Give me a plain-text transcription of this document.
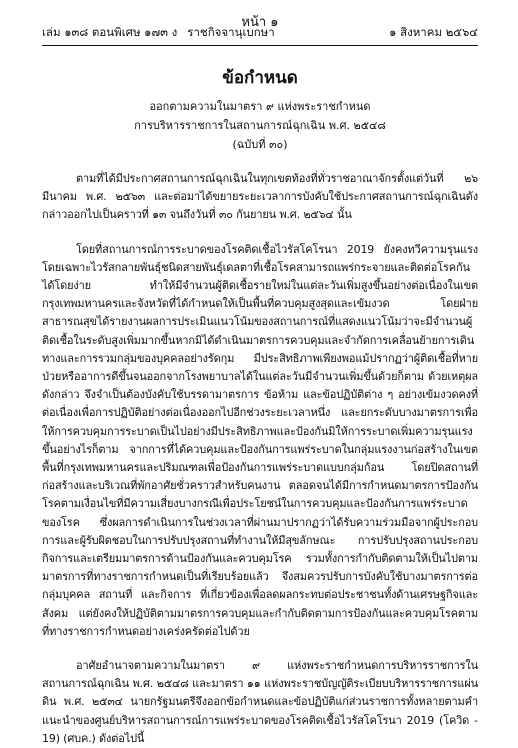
หน้า ๑
เล่ม ๑๓๘ ตอนพิเศษ ๑๗๓ ง ราชกิจจานุเบกษา	๑ สิงหาคม ๒๕๖๔
ข้อกำหนด
ออกตามความในมาตรา ๙ แห่งพระราชกำหนด
การบริหารราชการในสถานการณ์ฉุกเฉิน พ.ศ. ๒๕๔๘
(ฉบับที่ ๓๐)

ตามที่ได้มีประกาศสถานการณ์ฉุกเฉินในทุกเขตท้องที่ทั่วราชอาณาจักรตั้งแต่วันที่ ๒๖ มีนาคม พ.ศ. ๒๕๖๓ และต่อมาได้ขยายระยะเวลาการบังคับใช้ประกาศสถานการณ์ฉุกเฉินดังกล่าวออกไปเป็นคราวที่ ๑๓ จนถึงวันที่ ๓๐ กันยายน พ.ศ. ๒๕๖๔ นั้น

โดยที่สถานการณ์การระบาดของโรคติดเชื้อไวรัสโคโรนา 2019 ยังคงทวีความรุนแรง โดยเฉพาะไวรัสกลายพันธุ์ชนิดสายพันธุ์เดลตาที่เชื้อโรคสามารถแพร่กระจายและติดต่อโรคกันได้โดยง่าย ทำให้มีจำนวนผู้ติดเชื้อรายใหม่ในแต่ละวันเพิ่มสูงขึ้นอย่างต่อเนื่องในเขตกรุงเทพมหานครและจังหวัดที่ได้กำหนดให้เป็นพื้นที่ควบคุมสูงสุดและเข้มงวด โดยฝ่ายสาธารณสุขได้รายงานผลการประเมินแนวโน้มของสถานการณ์ที่แสดงแนวโน้มว่าจะมีจำนวนผู้ติดเชื้อในระดับสูงเพิ่มมากขึ้นหากมิได้ดำเนินมาตรการควบคุมและจำกัดการเคลื่อนย้ายการเดินทางและการรวมกลุ่มของบุคคลอย่างรัดกุม มีประสิทธิภาพเพียงพอแม้ปรากฏว่าผู้ติดเชื้อที่หายป่วยหรืออาการดีขึ้นจนออกจากโรงพยาบาลได้ในแต่ละวันมีจำนวนเพิ่มขึ้นด้วยก็ตาม ด้วยเหตุผลดังกล่าว จึงจำเป็นต้องบังคับใช้บรรดามาตรการ ข้อห้าม และข้อปฏิบัติต่าง ๆ อย่างเข้มงวดคงที่ต่อเนื่องเพื่อการปฏิบัติอย่างต่อเนื่องออกไปอีกช่วงระยะเวลาหนึ่ง และยกระดับบางมาตรการเพื่อให้การควบคุมการระบาดเป็นไปอย่างมีประสิทธิภาพและป้องกันมิให้การระบาดเพิ่มความรุนแรงขึ้นอย่างไรก็ตาม จากการที่ได้ควบคุมและป้องกันการแพร่ระบาดในกลุ่มแรงงานก่อสร้างในเขตพื้นที่กรุงเทพมหานครและปริมณฑลเพื่อป้องกันการแพร่ระบาดแบบกลุ่มก้อน โดยปิดสถานที่ก่อสร้างและบริเวณที่พักอาศัยชั่วคราวสำหรับคนงาน ตลอดจนได้มีการกำหนดมาตรการป้องกันโรคตามเงื่อนไขที่มีความเสี่ยงบางกรณีเพื่อประโยชน์ในการควบคุมและป้องกันการแพร่ระบาดของโรค ซึ่งผลการดำเนินการในช่วงเวลาที่ผ่านมาปรากฏว่าได้รับความร่วมมือจากผู้ประกอบการและผู้รับผิดชอบในการปรับปรุงสถานที่ทำงานให้มีสุขลักษณะ การปรับปรุงสถานประกอบกิจการและเตรียมมาตรการด้านป้องกันและควบคุมโรค รวมทั้งการกำกับติดตามให้เป็นไปตามมาตรการที่ทางราชการกำหนดเป็นที่เรียบร้อยแล้ว จึงสมควรปรับการบังคับใช้บางมาตรการต่อกลุ่มบุคคล สถานที่ และกิจการ ที่เกี่ยวข้องเพื่อลดผลกระทบต่อประชาชนทั้งด้านเศรษฐกิจและสังคม แต่ยังคงให้ปฏิบัติตามมาตรการควบคุมและกำกับติดตามการป้องกันและควบคุมโรคตามที่ทางราชการกำหนดอย่างเคร่งครัดต่อไปด้วย

อาศัยอำนาจตามความในมาตรา ๙ แห่งพระราชกำหนดการบริหารราชการในสถานการณ์ฉุกเฉิน พ.ศ. ๒๕๔๘ และมาตรา ๑๑ แห่งพระราชบัญญัติระเบียบบริหารราชการแผ่นดิน พ.ศ. ๒๕๓๔ นายกรัฐมนตรีจึงออกข้อกำหนดและข้อปฏิบัติแก่ส่วนราชการทั้งหลายตามคำแนะนำของศูนย์บริหารสถานการณ์การแพร่ระบาดของโรคติดเชื้อไวรัสโคโรนา 2019 (โควิด - 19) (ศบค.) ดังต่อไปนี้
